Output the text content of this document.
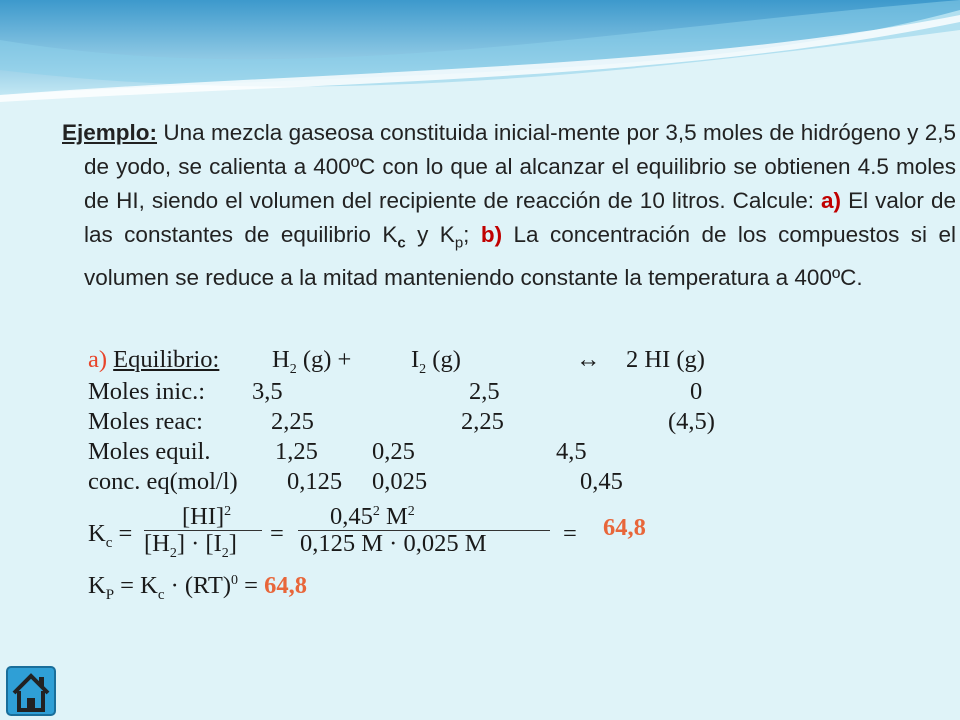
Ejemplo: Una mezcla gaseosa constituida inicial-mente por 3,5 moles de hidrógeno y 2,5 de yodo, se calienta a 400ºC con lo que al alcanzar el equilibrio se obtienen 4.5 moles de HI, siendo el volumen del recipiente de reacción de 10 litros. Calcule: a) El valor de las constantes de equilibrio $K_c$ y $K_p$; b) La concentración de los compuestos si el volumen se reduce a la mitad manteniendo constante la temperatura a 400ºC.
a) Equilibrio: $H_2$ $(g) + I_2$ (g)	↔ 2 HI (g)
Moles inic.: 3,5	2,5	0
Moles reac:	2,25	2,25	(4,5)
Moles equil.	1,25 0,25	4,5
conc. eq(mol/l) 0,125 0,025	0,45
$K_c$ =
[HI]$^2$
$[H_2] \cdot [I_2]$ =
$0,45^2$ $M^2$
0,125 M · 0,025 M	= 64,8
$K_P = K_c \cdot (RT)^0 = 64,8$
